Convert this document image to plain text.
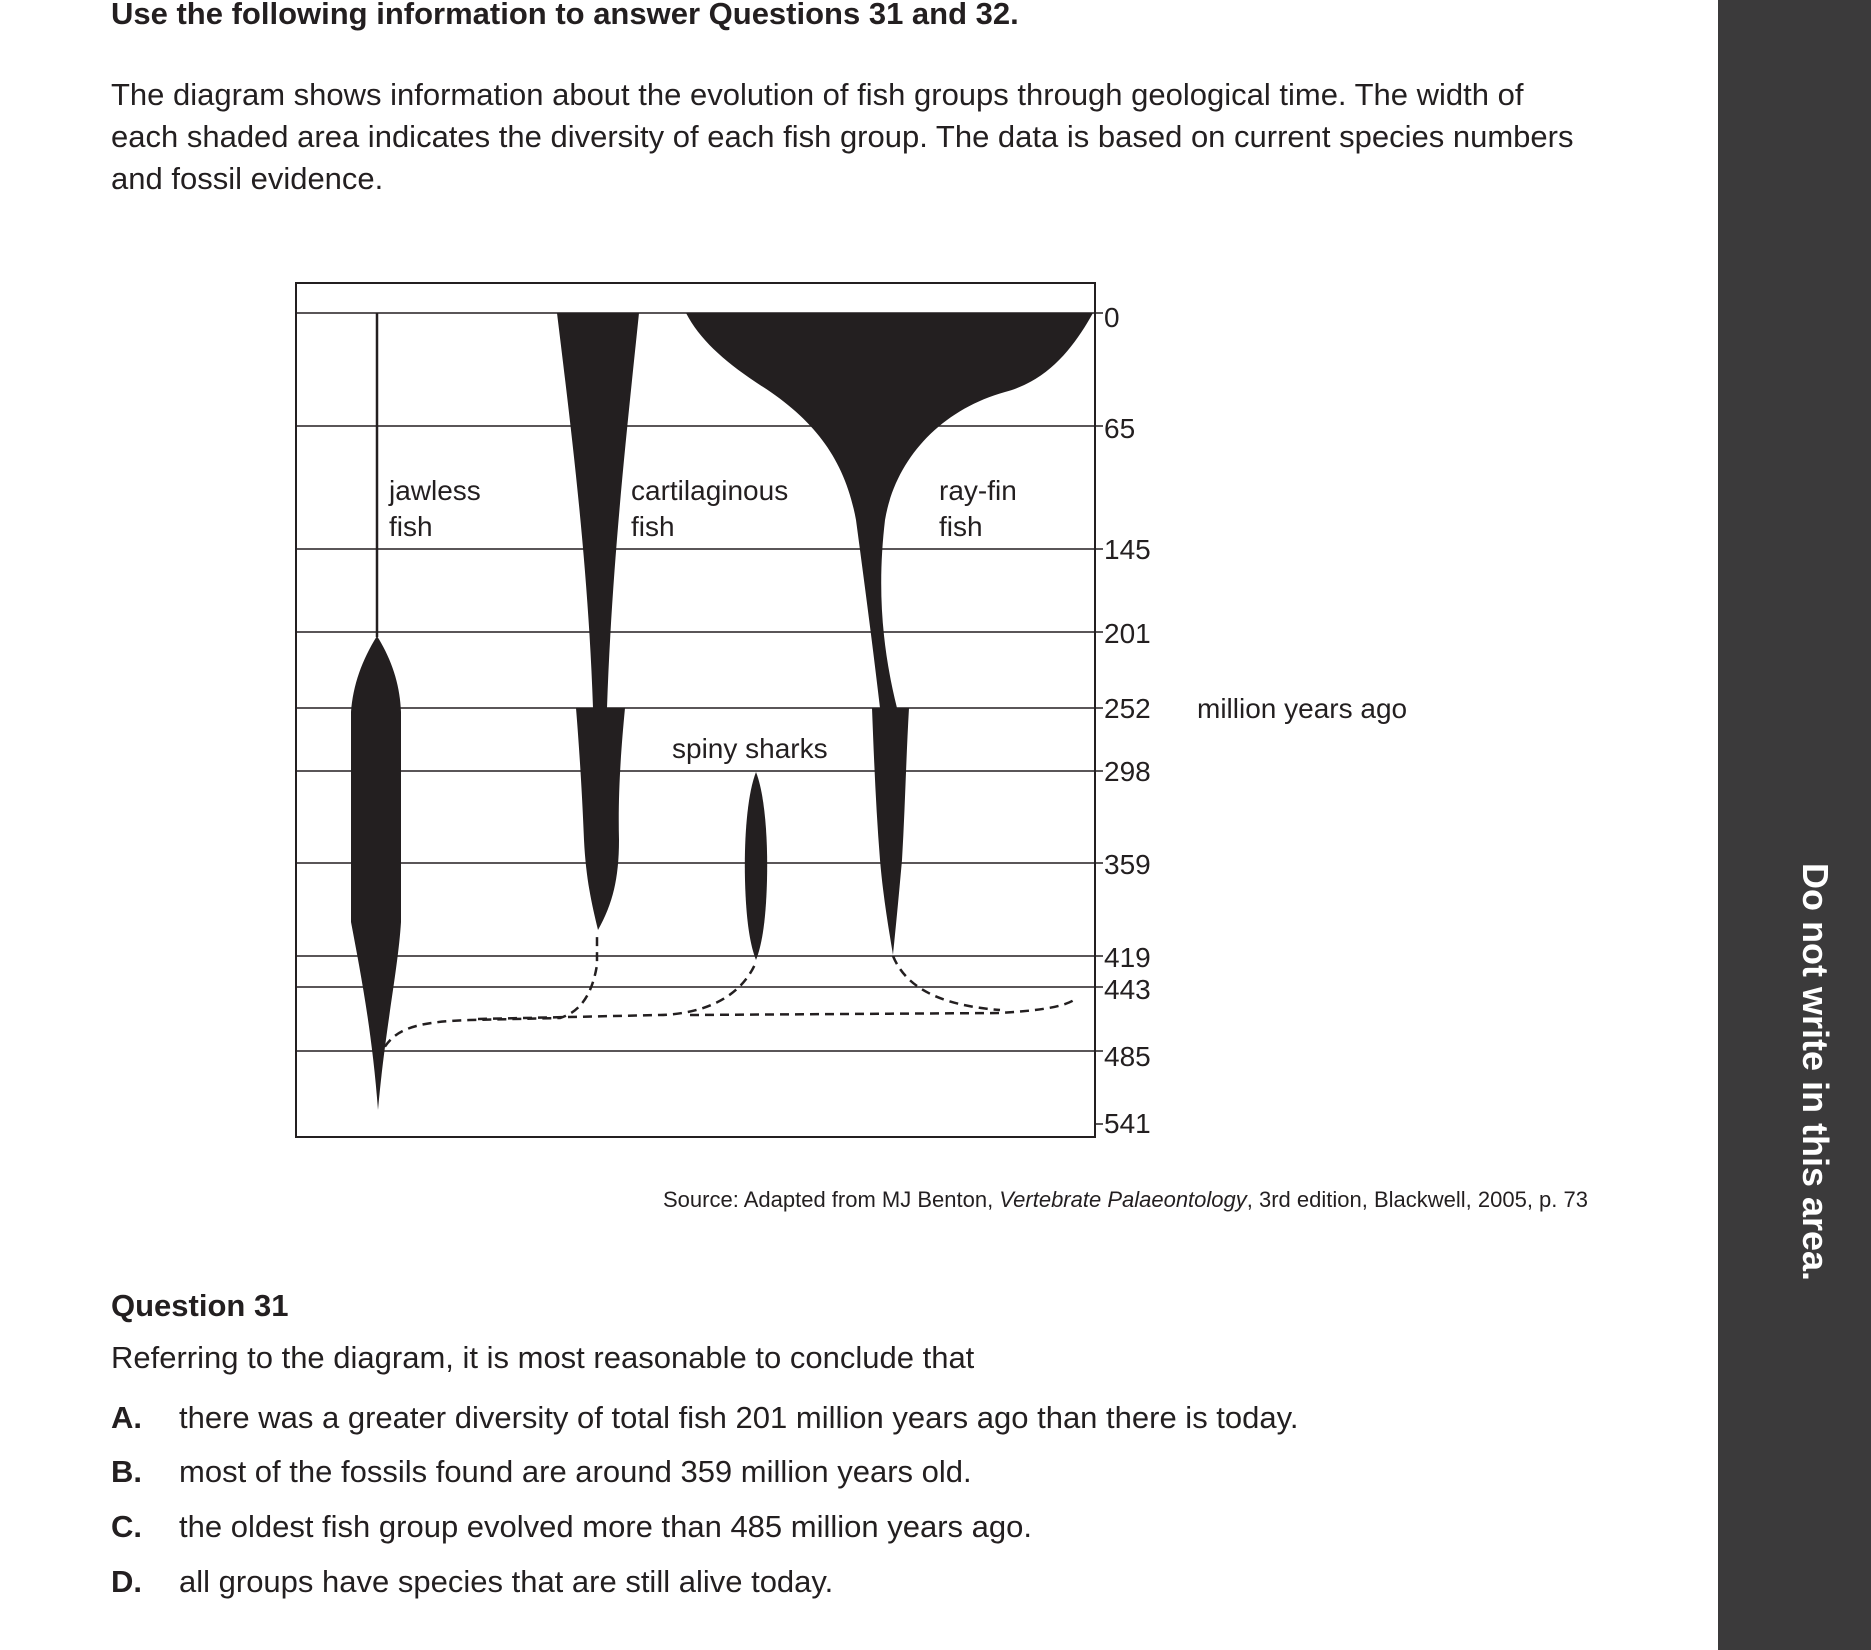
Use the following information to answer Questions 31 and 32.

The diagram shows information about the evolution of fish groups through geological time. The width of each shaded area indicates the diversity of each fish group. The data is based on current species numbers and fossil evidence.

0
65
145
201
252
298
359
419
443
485
541
million years ago
jawless
fish
cartilaginous
fish
ray-fin
fish
spiny sharks
Source: Adapted from MJ Benton, Vertebrate Palaeontology, 3rd edition, Blackwell, 2005, p. 73

Question 31

Referring to the diagram, it is most reasonable to conclude that

A. there was a greater diversity of total fish 201 million years ago than there is today.
B. most of the fossils found are around 359 million years old.
C. the oldest fish group evolved more than 485 million years ago.
D. all groups have species that are still alive today.
Do not write in this area.
